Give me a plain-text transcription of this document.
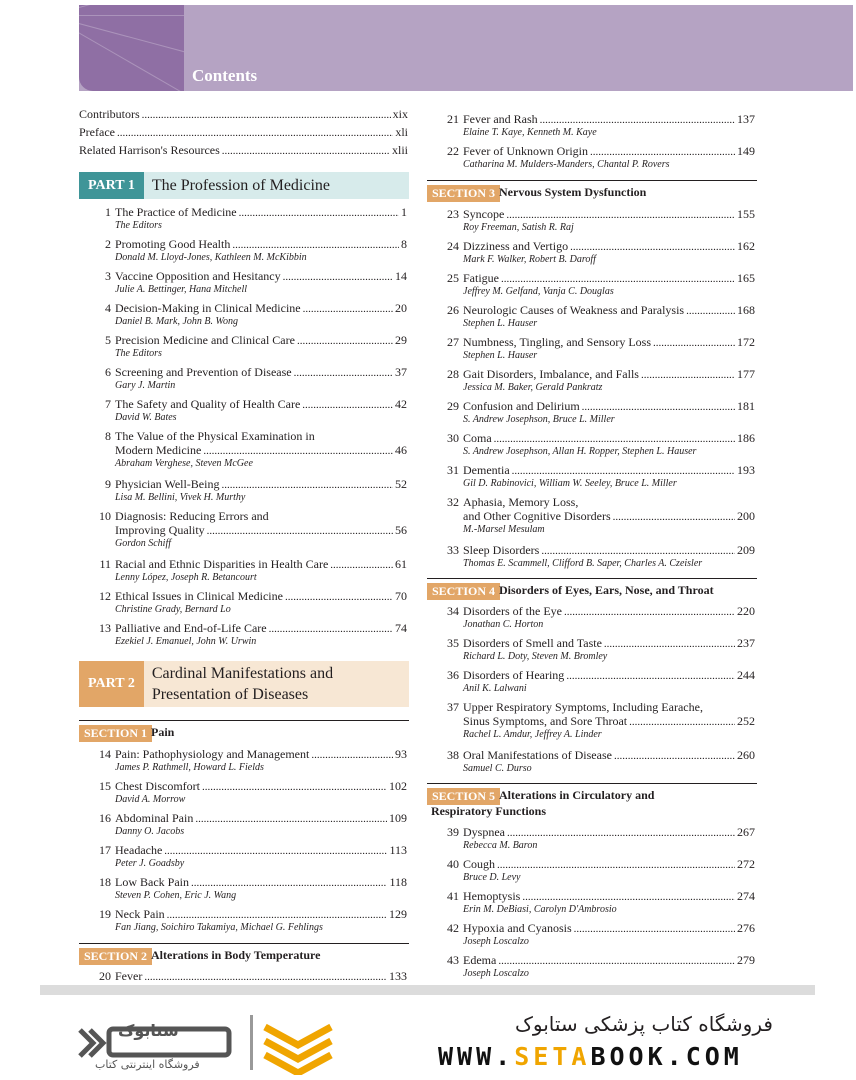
Contents
Contributors .....	xix
Preface .....	xli
Related Harrison's Resources .....	xlii
PART 1	The Profession of Medicine
1 The Practice of Medicine .....	1
The Editors
2 Promoting Good Health .....	8
Donald M. Lloyd-Jones, Kathleen M. McKibbin
3 Vaccine Opposition and Hesitancy .....	14
Julie A. Bettinger, Hana Mitchell
4 Decision-Making in Clinical Medicine .....	20
Daniel B. Mark, John B. Wong
5 Precision Medicine and Clinical Care .....	29
The Editors
6 Screening and Prevention of Disease .....	37
Gary J. Martin
7 The Safety and Quality of Health Care .....	42
David W. Bates
8 The Value of the Physical Examination in
Modern Medicine .....	46
Abraham Verghese, Steven McGee
9 Physician Well-Being .....	52
Lisa M. Bellini, Vivek H. Murthy
10 Diagnosis: Reducing Errors and
Improving Quality .....	56
Gordon Schiff
11 Racial and Ethnic Disparities in Health Care .....	61
Lenny López, Joseph R. Betancourt
12 Ethical Issues in Clinical Medicine .....	70
Christine Grady, Bernard Lo
13 Palliative and End-of-Life Care .....	74
Ezekiel J. Emanuel, John W. Urwin
PART 2
Cardinal Manifestations and
Presentation of Diseases
SECTION 1 Pain
14 Pain: Pathophysiology and Management .....	93
James P. Rathmell, Howard L. Fields
15 Chest Discomfort .....	102
David A. Morrow
16 Abdominal Pain .....	109
Danny O. Jacobs
17 Headache .....	113
Peter J. Goadsby
18 Low Back Pain .....	118
Steven P. Cohen, Eric J. Wang
19 Neck Pain .....	129
Fan Jiang, Soichiro Takamiya, Michael G. Fehlings
SECTION 2 Alterations in Body Temperature
20 Fever .....	133
21 Fever and Rash .....	137
Elaine T. Kaye, Kenneth M. Kaye
22 Fever of Unknown Origin .....	149
Catharina M. Mulders-Manders, Chantal P. Rovers
SECTION 3 Nervous System Dysfunction
23 Syncope .....	155
Roy Freeman, Satish R. Raj
24 Dizziness and Vertigo .....	162
Mark F. Walker, Robert B. Daroff
25 Fatigue .....	165
Jeffrey M. Gelfand, Vanja C. Douglas
26 Neurologic Causes of Weakness and Paralysis .....	168
Stephen L. Hauser
27 Numbness, Tingling, and Sensory Loss .....	172
Stephen L. Hauser
28 Gait Disorders, Imbalance, and Falls .....	177
Jessica M. Baker, Gerald Pankratz
29 Confusion and Delirium .....	181
S. Andrew Josephson, Bruce L. Miller
30 Coma .....	186
S. Andrew Josephson, Allan H. Ropper, Stephen L. Hauser
31 Dementia .....	193
Gil D. Rabinovici, William W. Seeley, Bruce L. Miller
32 Aphasia, Memory Loss,
and Other Cognitive Disorders .....	200
M.-Marsel Mesulam
33 Sleep Disorders .....	209
Thomas E. Scammell, Clifford B. Saper, Charles A. Czeisler
SECTION 4 Disorders of Eyes, Ears, Nose, and Throat
34 Disorders of the Eye .....	220
Jonathan C. Horton
35 Disorders of Smell and Taste .....	237
Richard L. Doty, Steven M. Bromley
36 Disorders of Hearing .....	244
Anil K. Lalwani
37 Upper Respiratory Symptoms, Including Earache,
Sinus Symptoms, and Sore Throat .....	252
Rachel L. Amdur, Jeffrey A. Linder
38 Oral Manifestations of Disease .....	260
Samuel C. Durso
SECTION 5 Alterations in Circulatory and
Respiratory Functions
39 Dyspnea .....	267
Rebecca M. Baron
40 Cough .....	272
Bruce D. Levy
41 Hemoptysis .....	274
Erin M. DeBiasi, Carolyn D'Ambrosio
42 Hypoxia and Cyanosis .....	276
Joseph Loscalzo
43 Edema .....	279
Joseph Loscalzo
.....
فروشگاه اینترنتی کتاب
ستابوک	فروشگاه کتاب پزشکی ستابوک
WWW.SETABOOK.COM
